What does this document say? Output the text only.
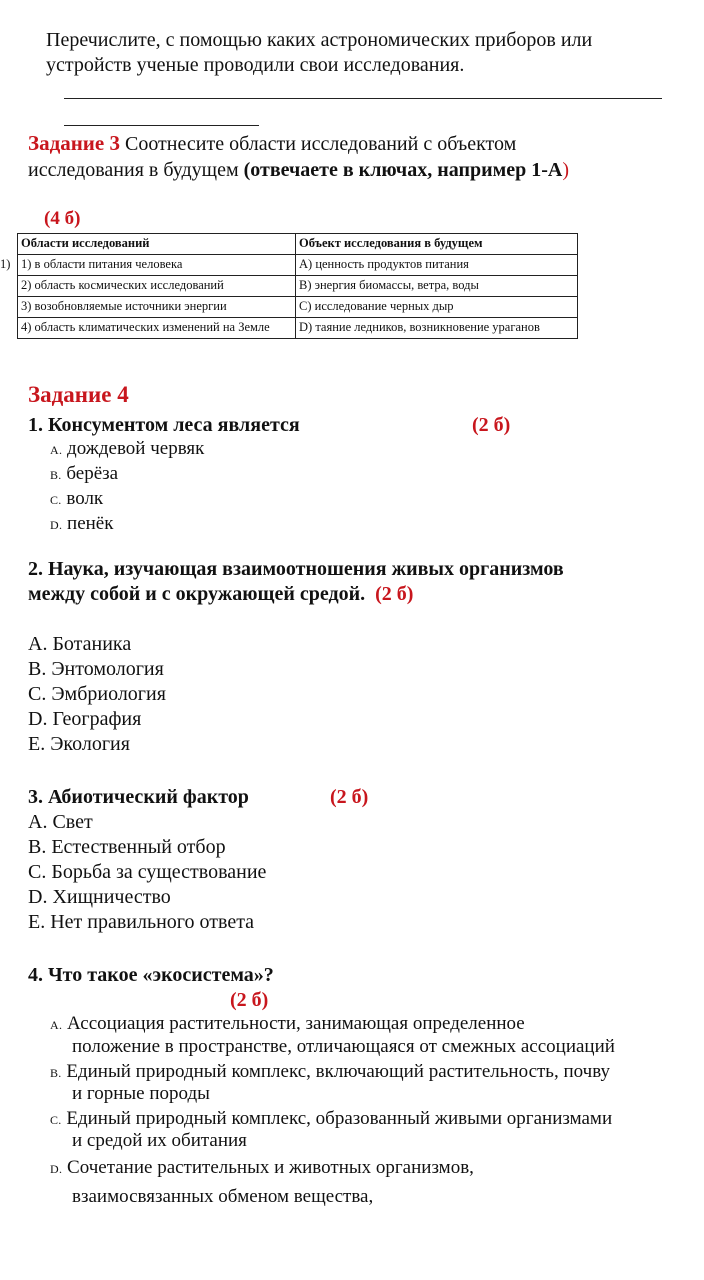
Перечислите, с помощью каких астрономических приборов или
устройств ученые проводили свои исследования.
Задание 3 Соотнесите области исследований с объектом
исследования в будущем (отвечаете в ключах, например 1-А)
(4 б)
1)
Области исследований	Объект исследования в будущем
1) в области питания человека	А) ценность продуктов питания
2) область космических исследований	В) энергия биомассы, ветра, воды
3) возобновляемые источники энергии	С) исследование черных дыр
4) область климатических изменений на Земле	D) таяние ледников, возникновение ураганов
Задание 4
1. Консументом леса является	(2 б)
A. дождевой червяк
B. берёза
C. волк
D. пенёк
2. Наука, изучающая взаимоотношения живых организмов
между собой и с окружающей средой. (2 б)
А. Ботаника
В. Энтомология
С. Эмбриология
D. География
Е. Экология
3. Абиотический фактор	(2 б)
А. Свет
В. Естественный отбор
С. Борьба за существование
D. Хищничество
Е. Нет правильного ответа
4. Что такое «экосистема»?
(2 б)
A. Ассоциация растительности, занимающая определенное
положение в пространстве, отличающаяся от смежных ассоциаций
B. Единый природный комплекс, включающий растительность, почву
и горные породы
C. Единый природный комплекс, образованный живыми организмами
и средой их обитания
D. Сочетание растительных и животных организмов,
взаимосвязанных обменом вещества,
